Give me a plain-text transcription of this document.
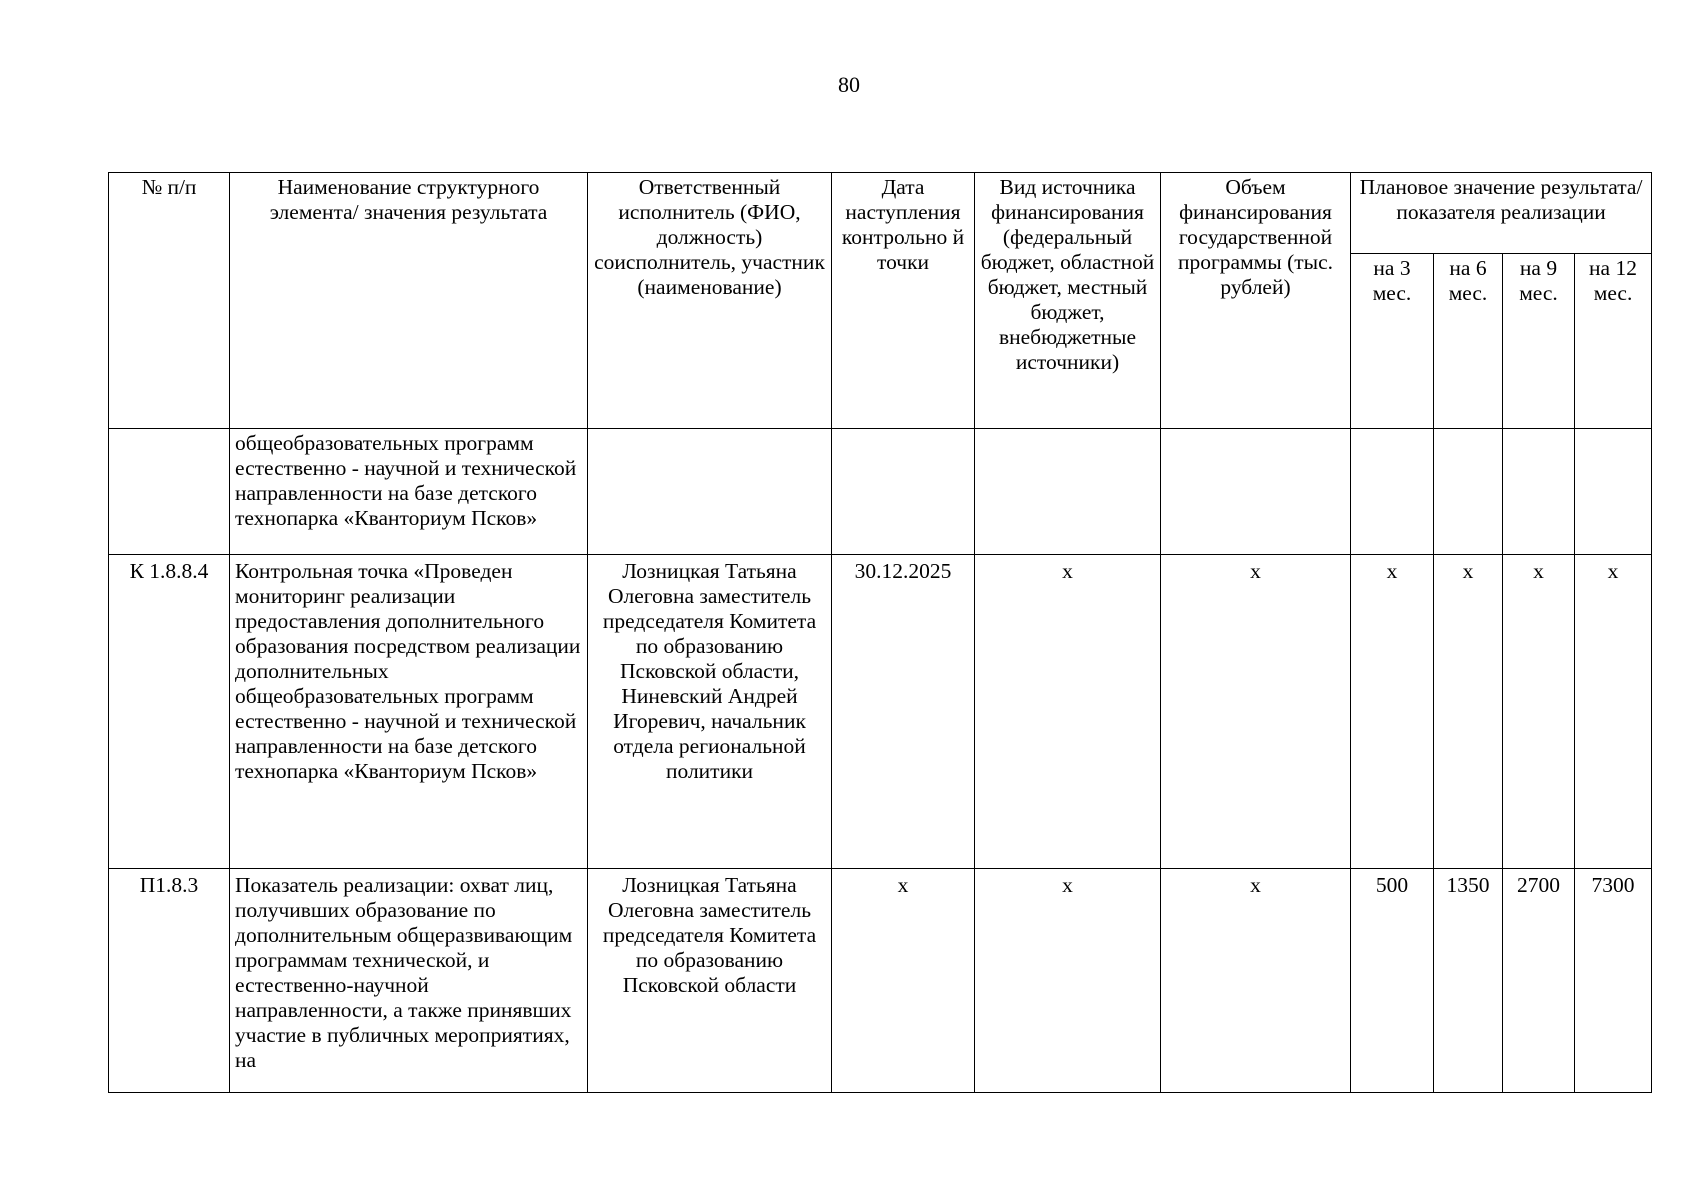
80
№ п/п	Наименование структурного элемента/ значения результата	Ответственный исполнитель (ФИО, должность) соисполнитель, участник (наименование)	Дата наступления контрольно й точки	Вид источника финансирования (федеральный бюджет, областной бюджет, местный бюджет, внебюджетные источники)	Объем финансирования государственной программы (тыс. рублей)	Плановое значение результата/показателя реализации			
						на 3 мес.	на 6 мес.	на 9 мес.	на 12 мес.
	общеобразовательных программ естественно - научной и технической направленности на базе детского технопарка «Кванториум Псков»								
К 1.8.8.4	Контрольная точка «Проведен мониторинг реализации предоставления дополнительного образования посредством реализации дополнительных общеобразовательных программ естественно - научной и технической направленности на базе детского технопарка «Кванториум Псков»	Лозницкая Татьяна Олеговна заместитель председателя Комитета по образованию Псковской области, Ниневский Андрей Игоревич, начальник отдела региональной политики	30.12.2025	x	x	x	x	x	x
П1.8.3	Показатель реализации: охват лиц, получивших образование по дополнительным общеразвивающим программам технической, и естественно-научной направленности, а также принявших участие в публичных мероприятиях, на	Лозницкая Татьяна Олеговна заместитель председателя Комитета по образованию Псковской области	x	x	x	500	1350	2700	7300
